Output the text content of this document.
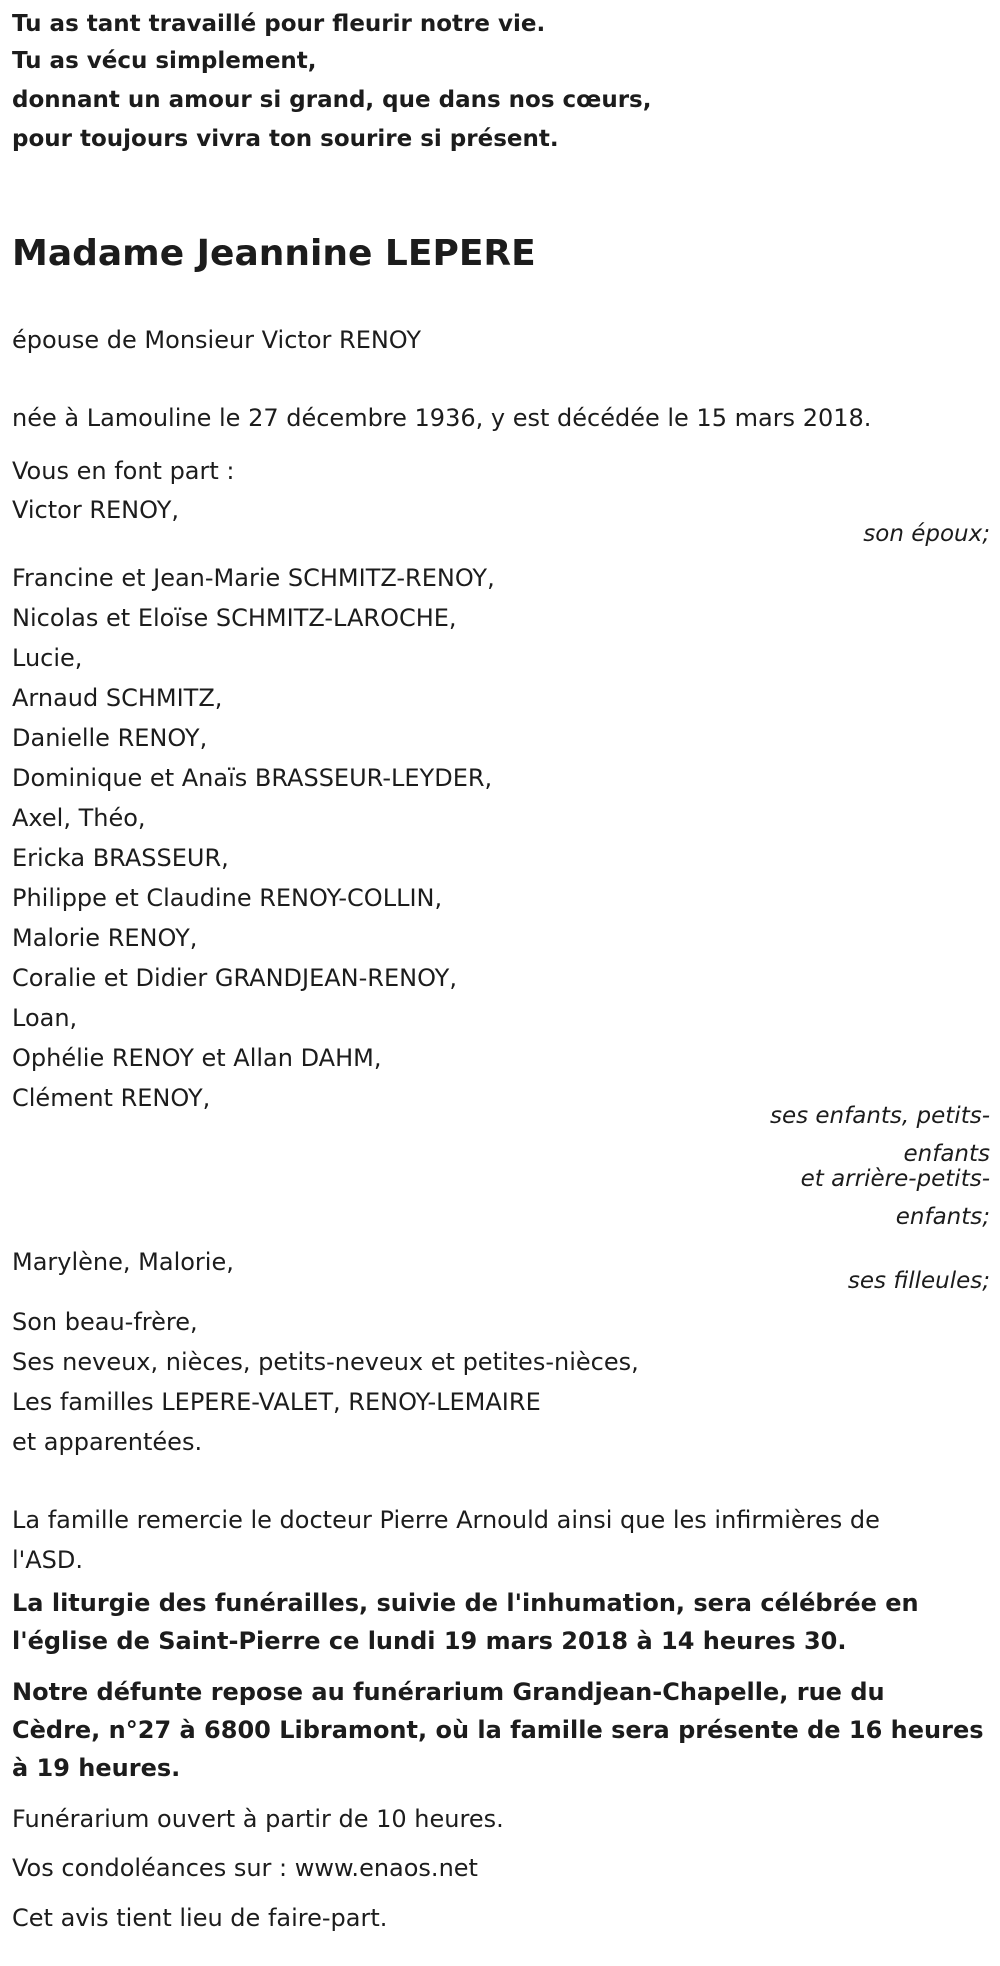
Tu as tant travaillé pour fleurir notre vie.

Tu as vécu simplement,

donnant un amour si grand, que dans nos cœurs,

pour toujours vivra ton sourire si présent.

Madame Jeannine LEPERE

épouse de Monsieur Victor RENOY

née à Lamouline le 27 décembre 1936, y est décédée le 15 mars 2018.

Vous en font part :

Victor RENOY,

son époux;

Francine et Jean-Marie SCHMITZ-RENOY,

Nicolas et Eloïse SCHMITZ-LAROCHE,

Lucie,

Arnaud SCHMITZ,

Danielle RENOY,

Dominique et Anaïs BRASSEUR-LEYDER,

Axel, Théo,

Ericka BRASSEUR,

Philippe et Claudine RENOY-COLLIN,

Malorie RENOY,

Coralie et Didier GRANDJEAN-RENOY,

Loan,

Ophélie RENOY et Allan DAHM,

Clément RENOY,

ses enfants, petits-
enfants
et arrière-petits-
enfants;

Marylène, Malorie,

ses filleules;

Son beau-frère,

Ses neveux, nièces, petits-neveux et petites-nièces,

Les familles LEPERE-VALET, RENOY-LEMAIRE

et apparentées.

La famille remercie le docteur Pierre Arnould ainsi que les infirmières de

l'ASD.

La liturgie des funérailles, suivie de l'inhumation, sera célébrée en

l'église de Saint-Pierre ce lundi 19 mars 2018 à 14 heures 30.

Notre défunte repose au funérarium Grandjean-Chapelle, rue du

Cèdre, n°27 à 6800 Libramont, où la famille sera présente de 16 heures

à 19 heures.

Funérarium ouvert à partir de 10 heures.

Vos condoléances sur : www.enaos.net

Cet avis tient lieu de faire-part.
